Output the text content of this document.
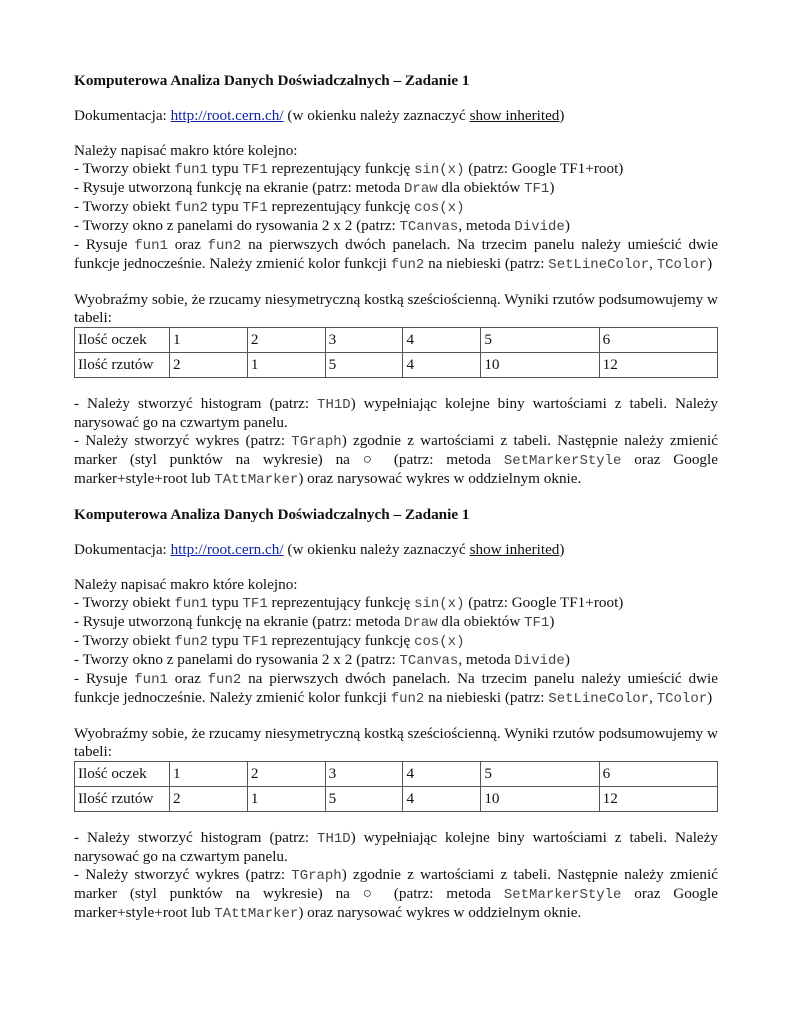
Komputerowa Analiza Danych Doświadczalnych – Zadanie 1

Dokumentacja: http://root.cern.ch/ (w okienku należy zaznaczyć show inherited)

Należy napisać makro które kolejno:

- Tworzy obiekt fun1 typu TF1 reprezentujący funkcję sin(x) (patrz: Google TF1+root)

- Rysuje utworzoną funkcję na ekranie (patrz: metoda Draw dla obiektów TF1)

- Tworzy obiekt fun2 typu TF1 reprezentujący funkcję cos(x)

- Tworzy okno z panelami do rysowania 2 x 2 (patrz: TCanvas, metoda Divide)

- Rysuje fun1 oraz fun2 na pierwszych dwóch panelach. Na trzecim panelu należy umieścić dwie funkcje jednocześnie. Należy zmienić kolor funkcji fun2 na niebieski (patrz: SetLineColor, TColor)

Wyobraźmy sobie, że rzucamy niesymetryczną kostką sześciościenną. Wyniki rzutów podsumowujemy w tabeli:

Ilość oczek	1	2	3	4	5	6
Ilość rzutów	2	1	5	4	10	12

- Należy stworzyć histogram (patrz: TH1D) wypełniając kolejne biny wartościami z tabeli. Należy narysować go na czwartym panelu.

- Należy stworzyć wykres (patrz: TGraph) zgodnie z wartościami z tabeli. Następnie należy zmienić marker (styl punktów na wykresie) na ○ (patrz: metoda SetMarkerStyle oraz Google marker+style+root lub TAttMarker) oraz narysować wykres w oddzielnym oknie.

Komputerowa Analiza Danych Doświadczalnych – Zadanie 1

Dokumentacja: http://root.cern.ch/ (w okienku należy zaznaczyć show inherited)

Należy napisać makro które kolejno:

- Tworzy obiekt fun1 typu TF1 reprezentujący funkcję sin(x) (patrz: Google TF1+root)

- Rysuje utworzoną funkcję na ekranie (patrz: metoda Draw dla obiektów TF1)

- Tworzy obiekt fun2 typu TF1 reprezentujący funkcję cos(x)

- Tworzy okno z panelami do rysowania 2 x 2 (patrz: TCanvas, metoda Divide)

- Rysuje fun1 oraz fun2 na pierwszych dwóch panelach. Na trzecim panelu należy umieścić dwie funkcje jednocześnie. Należy zmienić kolor funkcji fun2 na niebieski (patrz: SetLineColor, TColor)

Wyobraźmy sobie, że rzucamy niesymetryczną kostką sześciościenną. Wyniki rzutów podsumowujemy w tabeli:

Ilość oczek	1	2	3	4	5	6
Ilość rzutów	2	1	5	4	10	12

- Należy stworzyć histogram (patrz: TH1D) wypełniając kolejne biny wartościami z tabeli. Należy narysować go na czwartym panelu.

- Należy stworzyć wykres (patrz: TGraph) zgodnie z wartościami z tabeli. Następnie należy zmienić marker (styl punktów na wykresie) na ○ (patrz: metoda SetMarkerStyle oraz Google marker+style+root lub TAttMarker) oraz narysować wykres w oddzielnym oknie.
